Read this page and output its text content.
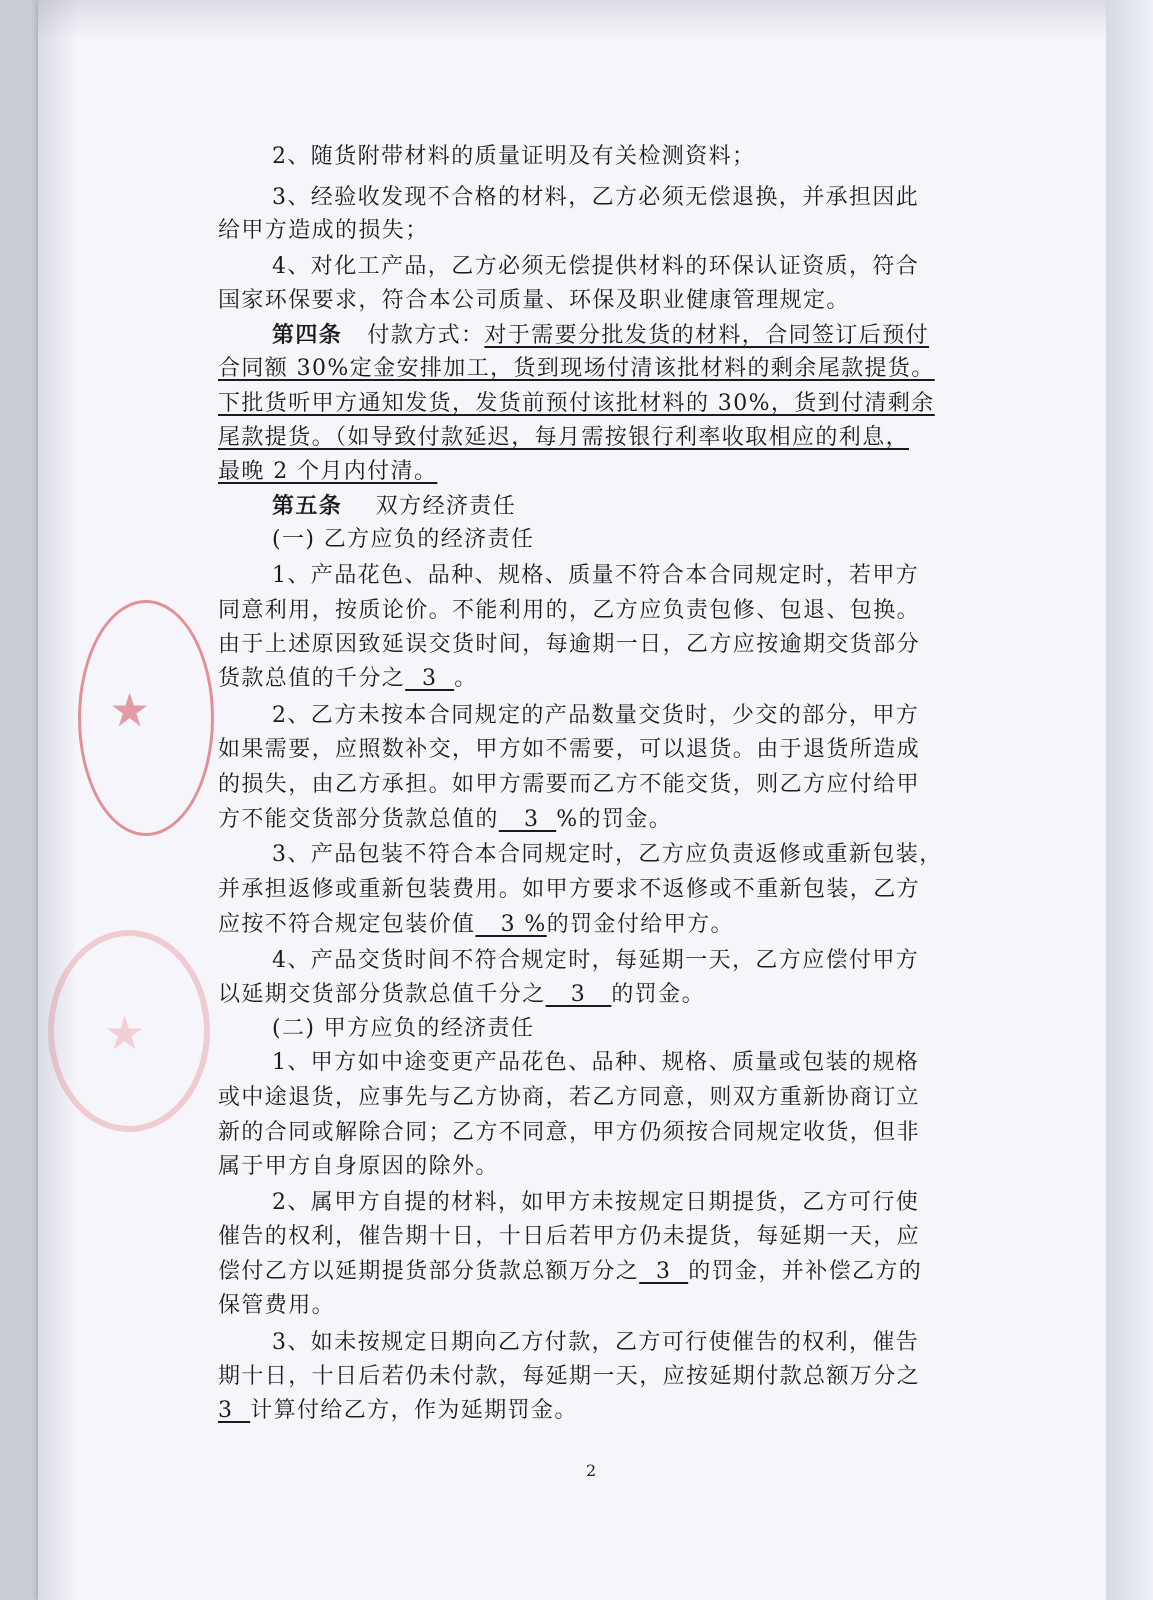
★
★
2、随货附带材料的质量证明及有关检测资料；
3、经验收发现不合格的材料，乙方必须无偿退换，并承担因此
给甲方造成的损失；
4、对化工产品，乙方必须无偿提供材料的环保认证资质，符合
国家环保要求，符合本公司质量、环保及职业健康管理规定。
第四条 付款方式：对于需要分批发货的材料，合同签订后预付
合同额 30%定金安排加工，货到现场付清该批材料的剩余尾款提货。
下批货听甲方通知发货，发货前预付该批材料的 30%，货到付清剩余
尾款提货。（如导致付款延迟，每月需按银行利率收取相应的利息，
最晚 2 个月内付清。
第五条 双方经济责任
(一) 乙方应负的经济责任
1、产品花色、品种、规格、质量不符合本合同规定时，若甲方
同意利用，按质论价。不能利用的，乙方应负责包修、包退、包换。
由于上述原因致延误交货时间，每逾期一日，乙方应按逾期交货部分
货款总值的千分之  3  。
2、乙方未按本合同规定的产品数量交货时，少交的部分，甲方
如果需要，应照数补交，甲方如不需要，可以退货。由于退货所造成
的损失，由乙方承担。如甲方需要而乙方不能交货，则乙方应付给甲
方不能交货部分货款总值的   3  %的罚金。
3、产品包装不符合本合同规定时，乙方应负责返修或重新包装，
并承担返修或重新包装费用。如甲方要求不返修或不重新包装，乙方
应按不符合规定包装价值   3 %的罚金付给甲方。
4、产品交货时间不符合规定时，每延期一天，乙方应偿付甲方
以延期交货部分货款总值千分之   3   的罚金。
(二) 甲方应负的经济责任
1、甲方如中途变更产品花色、品种、规格、质量或包装的规格
或中途退货，应事先与乙方协商，若乙方同意，则双方重新协商订立
新的合同或解除合同；乙方不同意，甲方仍须按合同规定收货，但非
属于甲方自身原因的除外。
2、属甲方自提的材料，如甲方未按规定日期提货，乙方可行使
催告的权利，催告期十日，十日后若甲方仍未提货，每延期一天，应
偿付乙方以延期提货部分货款总额万分之  3  的罚金，并补偿乙方的
保管费用。
3、如未按规定日期向乙方付款，乙方可行使催告的权利，催告
期十日，十日后若仍未付款，每延期一天，应按延期付款总额万分之
3  计算付给乙方，作为延期罚金。
2
